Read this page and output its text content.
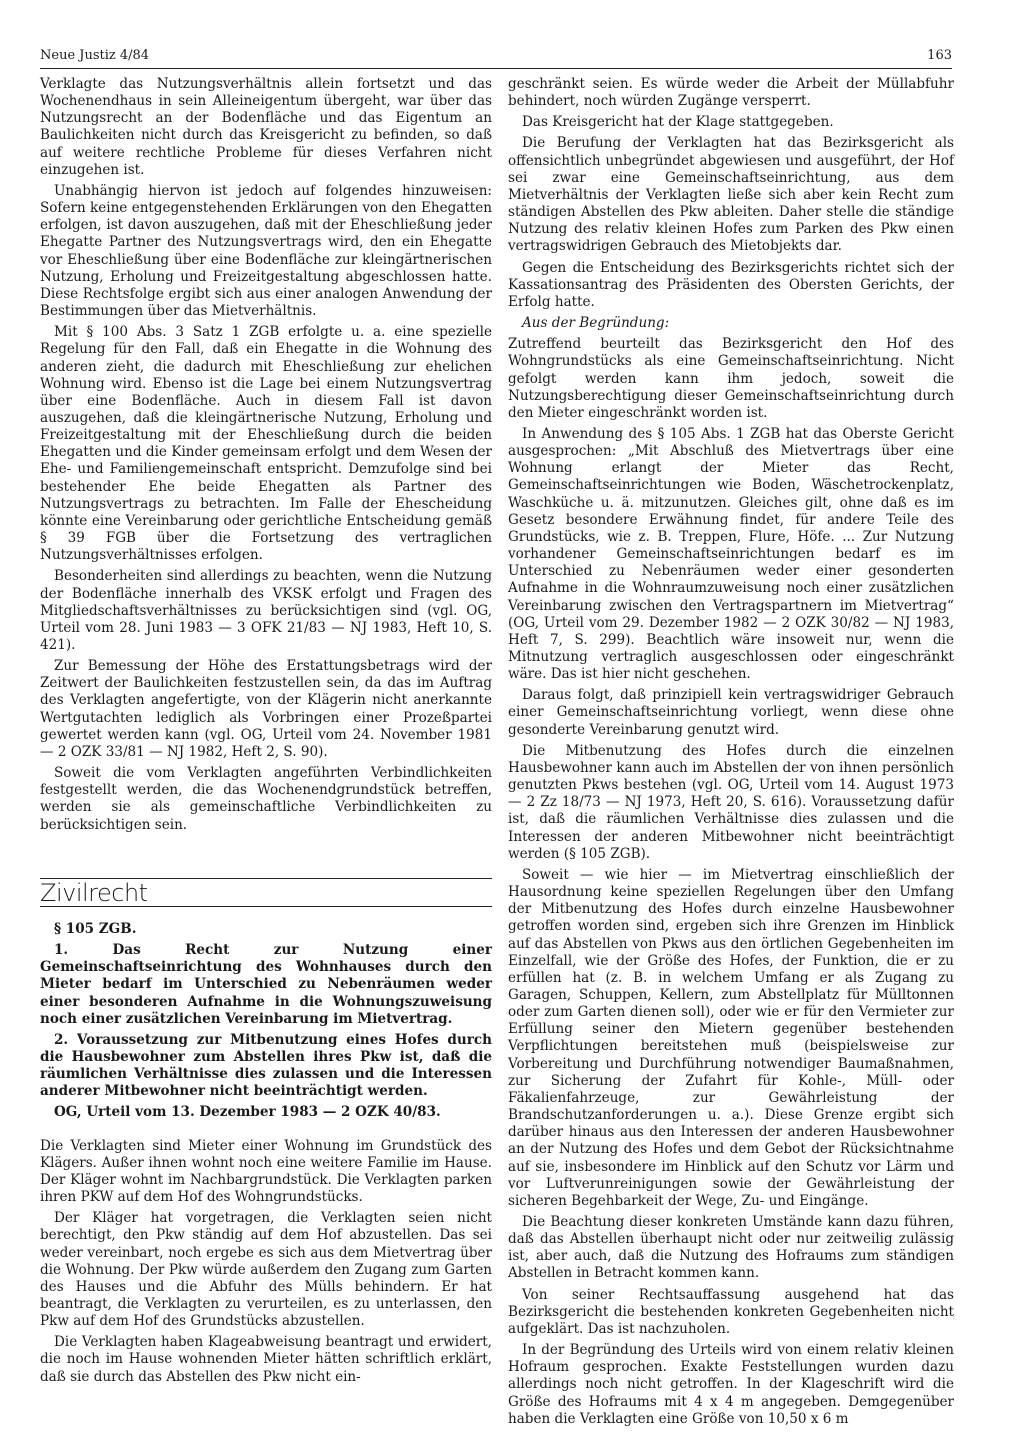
Neue Justiz 4/84	163

Verklagte das Nutzungsverhältnis allein fortsetzt und das Wochenendhaus in sein Alleineigentum übergeht, war über das Nutzungsrecht an der Bodenfläche und das Eigentum an Baulichkeiten nicht durch das Kreisgericht zu befinden, so daß auf weitere rechtliche Probleme für dieses Verfahren nicht einzugehen ist.

Unabhängig hiervon ist jedoch auf folgendes hinzuweisen: Sofern keine entgegenstehenden Erklärungen von den Ehegatten erfolgen, ist davon auszugehen, daß mit der Eheschließung jeder Ehegatte Partner des Nutzungsvertrags wird, den ein Ehegatte vor Eheschließung über eine Bodenfläche zur kleingärtnerischen Nutzung, Erholung und Freizeitgestaltung abgeschlossen hatte. Diese Rechtsfolge ergibt sich aus einer analogen Anwendung der Bestimmungen über das Mietverhältnis.

Mit § 100 Abs. 3 Satz 1 ZGB erfolgte u. a. eine spezielle Regelung für den Fall, daß ein Ehegatte in die Wohnung des anderen zieht, die dadurch mit Eheschließung zur ehelichen Wohnung wird. Ebenso ist die Lage bei einem Nutzungsvertrag über eine Bodenfläche. Auch in diesem Fall ist davon auszugehen, daß die kleingärtnerische Nutzung, Erholung und Freizeitgestaltung mit der Eheschließung durch die beiden Ehegatten und die Kinder gemeinsam erfolgt und dem Wesen der Ehe- und Familiengemeinschaft entspricht. Demzufolge sind bei bestehender Ehe beide Ehegatten als Partner des Nutzungsvertrags zu betrachten. Im Falle der Ehescheidung könnte eine Vereinbarung oder gerichtliche Entscheidung gemäß § 39 FGB über die Fortsetzung des vertraglichen Nutzungsverhältnisses erfolgen.

Besonderheiten sind allerdings zu beachten, wenn die Nutzung der Bodenfläche innerhalb des VKSK erfolgt und Fragen des Mitgliedschaftsverhältnisses zu berücksichtigen sind (vgl. OG, Urteil vom 28. Juni 1983 — 3 OFK 21/83 — NJ 1983, Heft 10, S. 421).

Zur Bemessung der Höhe des Erstattungsbetrags wird der Zeitwert der Baulichkeiten festzustellen sein, da das im Auftrag des Verklagten angefertigte, von der Klägerin nicht anerkannte Wertgutachten lediglich als Vorbringen einer Prozeßpartei gewertet werden kann (vgl. OG, Urteil vom 24. November 1981 — 2 OZK 33/81 — NJ 1982, Heft 2, S. 90).

Soweit die vom Verklagten angeführten Verbindlichkeiten festgestellt werden, die das Wochenendgrundstück betreffen, werden sie als gemeinschaftliche Verbindlichkeiten zu berücksichtigen sein.

Zivilrecht

§ 105 ZGB.

1. Das Recht zur Nutzung einer Gemeinschaftseinrichtung des Wohnhauses durch den Mieter bedarf im Unterschied zu Nebenräumen weder einer besonderen Aufnahme in die Wohnungszuweisung noch einer zusätzlichen Vereinbarung im Mietvertrag.

2. Voraussetzung zur Mitbenutzung eines Hofes durch die Hausbewohner zum Abstellen ihres Pkw ist, daß die räumlichen Verhältnisse dies zulassen und die Interessen anderer Mitbewohner nicht beeinträchtigt werden.

OG, Urteil vom 13. Dezember 1983 — 2 OZK 40/83.

Die Verklagten sind Mieter einer Wohnung im Grundstück des Klägers. Außer ihnen wohnt noch eine weitere Familie im Hause. Der Kläger wohnt im Nachbargrundstück. Die Verklagten parken ihren PKW auf dem Hof des Wohngrundstücks.

Der Kläger hat vorgetragen, die Verklagten seien nicht berechtigt, den Pkw ständig auf dem Hof abzustellen. Das sei weder vereinbart, noch ergebe es sich aus dem Mietvertrag über die Wohnung. Der Pkw würde außerdem den Zugang zum Garten des Hauses und die Abfuhr des Mülls behindern. Er hat beantragt, die Verklagten zu verurteilen, es zu unterlassen, den Pkw auf dem Hof des Grundstücks abzustellen.

Die Verklagten haben Klageabweisung beantragt und erwidert, die noch im Hause wohnenden Mieter hätten schriftlich erklärt, daß sie durch das Abstellen des Pkw nicht ein-

geschränkt seien. Es würde weder die Arbeit der Müllabfuhr behindert, noch würden Zugänge versperrt.

Das Kreisgericht hat der Klage stattgegeben.

Die Berufung der Verklagten hat das Bezirksgericht als offensichtlich unbegründet abgewiesen und ausgeführt, der Hof sei zwar eine Gemeinschaftseinrichtung, aus dem Mietverhältnis der Verklagten ließe sich aber kein Recht zum ständigen Abstellen des Pkw ableiten. Daher stelle die ständige Nutzung des relativ kleinen Hofes zum Parken des Pkw einen vertragswidrigen Gebrauch des Mietobjekts dar.

Gegen die Entscheidung des Bezirksgerichts richtet sich der Kassationsantrag des Präsidenten des Obersten Gerichts, der Erfolg hatte.

Aus der Begründung:

Zutreffend beurteilt das Bezirksgericht den Hof des Wohngrundstücks als eine Gemeinschaftseinrichtung. Nicht gefolgt werden kann ihm jedoch, soweit die Nutzungsberechtigung dieser Gemeinschaftseinrichtung durch den Mieter eingeschränkt worden ist.

In Anwendung des § 105 Abs. 1 ZGB hat das Oberste Gericht ausgesprochen: „Mit Abschluß des Mietvertrags über eine Wohnung erlangt der Mieter das Recht, Gemeinschaftseinrichtungen wie Boden, Wäschetrockenplatz, Waschküche u. ä. mitzunutzen. Gleiches gilt, ohne daß es im Gesetz besondere Erwähnung findet, für andere Teile des Grundstücks, wie z. B. Treppen, Flure, Höfe. ... Zur Nutzung vorhandener Gemeinschaftseinrichtungen bedarf es im Unterschied zu Nebenräumen weder einer gesonderten Aufnahme in die Wohnraumzuweisung noch einer zusätzlichen Vereinbarung zwischen den Vertragspartnern im Mietvertrag“ (OG, Urteil vom 29. Dezember 1982 — 2 OZK 30/82 — NJ 1983, Heft 7, S. 299). Beachtlich wäre insoweit nur, wenn die Mitnutzung vertraglich ausgeschlossen oder eingeschränkt wäre. Das ist hier nicht geschehen.

Daraus folgt, daß prinzipiell kein vertragswidriger Gebrauch einer Gemeinschaftseinrichtung vorliegt, wenn diese ohne gesonderte Vereinbarung genutzt wird.

Die Mitbenutzung des Hofes durch die einzelnen Hausbewohner kann auch im Abstellen der von ihnen persönlich genutzten Pkws bestehen (vgl. OG, Urteil vom 14. August 1973 — 2 Zz 18/73 — NJ 1973, Heft 20, S. 616). Voraussetzung dafür ist, daß die räumlichen Verhältnisse dies zulassen und die Interessen der anderen Mitbewohner nicht beeinträchtigt werden (§ 105 ZGB).

Soweit — wie hier — im Mietvertrag einschließlich der Hausordnung keine speziellen Regelungen über den Umfang der Mitbenutzung des Hofes durch einzelne Hausbewohner getroffen worden sind, ergeben sich ihre Grenzen im Hinblick auf das Abstellen von Pkws aus den örtlichen Gegebenheiten im Einzelfall, wie der Größe des Hofes, der Funktion, die er zu erfüllen hat (z. B. in welchem Umfang er als Zugang zu Garagen, Schuppen, Kellern, zum Abstellplatz für Mülltonnen oder zum Garten dienen soll), oder wie er für den Vermieter zur Erfüllung seiner den Mietern gegenüber bestehenden Verpflichtungen bereitstehen muß (beispielsweise zur Vorbereitung und Durchführung notwendiger Baumaßnahmen, zur Sicherung der Zufahrt für Kohle-, Müll- oder Fäkalienfahrzeuge, zur Gewährleistung der Brandschutzanforderungen u. a.). Diese Grenze ergibt sich darüber hinaus aus den Interessen der anderen Hausbewohner an der Nutzung des Hofes und dem Gebot der Rücksichtnahme auf sie, insbesondere im Hinblick auf den Schutz vor Lärm und vor Luftverunreinigungen sowie der Gewährleistung der sicheren Begehbarkeit der Wege, Zu- und Eingänge.

Die Beachtung dieser konkreten Umstände kann dazu führen, daß das Abstellen überhaupt nicht oder nur zeitweilig zulässig ist, aber auch, daß die Nutzung des Hofraums zum ständigen Abstellen in Betracht kommen kann.

Von seiner Rechtsauffassung ausgehend hat das Bezirksgericht die bestehenden konkreten Gegebenheiten nicht aufgeklärt. Das ist nachzuholen.

In der Begründung des Urteils wird von einem relativ kleinen Hofraum gesprochen. Exakte Feststellungen wurden dazu allerdings noch nicht getroffen. In der Klageschrift wird die Größe des Hofraums mit 4 x 4 m angegeben. Demgegenüber haben die Verklagten eine Größe von 10,50 x 6 m
